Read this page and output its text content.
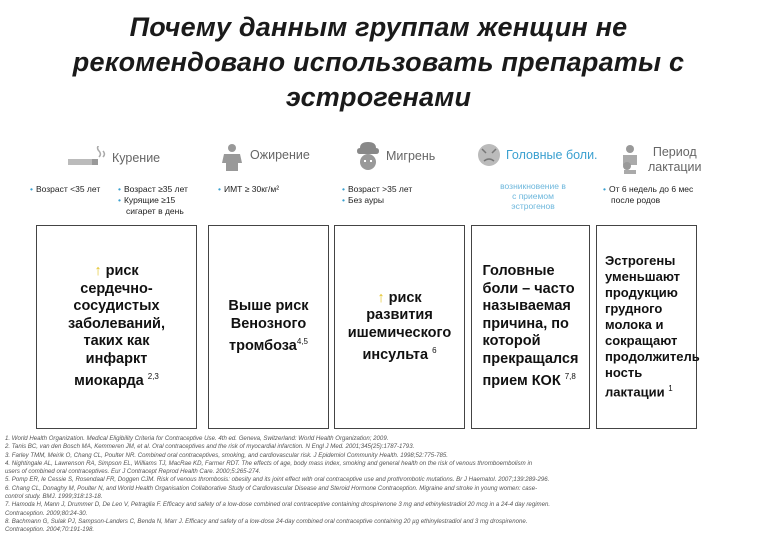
Почему данным группам женщин не
рекомендовано использовать препараты с
эстрогенами
Курение	Ожирение	Мигрень	Головные боли.	Период
лактации
• Возраст <35 лет • Возраст ≥35 лет
• Курящие ≥15
сигарет в день
• ИМТ ≥ 30кг/м²	• Возраст >35 лет
• Без ауры
возникновение в
с приемом
эстрогенов
• От 6 недель до 6 мес
после родов
↑ риск
сердечно-
сосудистых
заболеваний,
таких как
инфаркт
миокарда $^{2,3}$
Выше риск
Венозного
тромбоза$^{4,5}$
↑ риск
развития
ишемического
инсульта $^6$
Головные
боли – часто
называемая
причина, по
которой
прекращался
прием КОК $^{7,8}$
Эстрогены
уменьшают
продукцию
грудного
молока и
сокращают
продолжитель
ность
лактации $^1$
1. World Health Organization. Medical Eligibility Criteria for Contraceptive Use. 4th ed. Geneva, Switzerland: World Health Organization; 2009.
2. Tanis BC, van den Bosch MA, Kemmeren JM, et al. Oral contraceptives and the risk of myocardial infarction. N Engl J Med. 2001;345(25):1787-1793.
3. Farley TMM, Meirik O, Chang CL, Poulter NR. Combined oral contraceptives, smoking, and cardiovascular risk. J Epidemiol Community Health. 1998;52:775-785.
4. Nightingale AL, Lawrenson RA, Simpson EL, Williams TJ, MacRae KD, Farmer RDT. The effects of age, body mass index, smoking and general health on the risk of venous thromboembolism in
users of combined oral contraceptives. Eur J Contracept Reprod Health Care. 2000;5:265-274.
5. Pomp ER, le Cessie S, Rosendaal FR, Doggen CJM. Risk of venous thrombosis: obesity and its joint effect with oral contraceptive use and prothrombotic mutations. Br J Haematol. 2007;139:289-296.
6. Chang CL, Donaghy M, Poulter N, and World Health Organisation Collaborative Study of Cardiovascular Disease and Steroid Hormone Contraception. Migraine and stroke in young women: case-
control study. BMJ. 1999;318:13-18.
7. Hamoda H, Mann J, Drummer D, De Leo V, Petraglia F. Efficacy and safety of a low-dose combined oral contraceptive containing drospirenone 3 mg and ethinylestradiol 20 mcg in a 24-4 day regimen.
Contraception. 2009;80:24-30.
8. Bachmann G, Sulak PJ, Sampson-Landers C, Benda N, Marr J. Efficacy and safety of a low-dose 24-day combined oral contraceptive containing 20 µg ethinylestradiol and 3 mg drospirenone.
Contraception. 2004;70:191-198.
